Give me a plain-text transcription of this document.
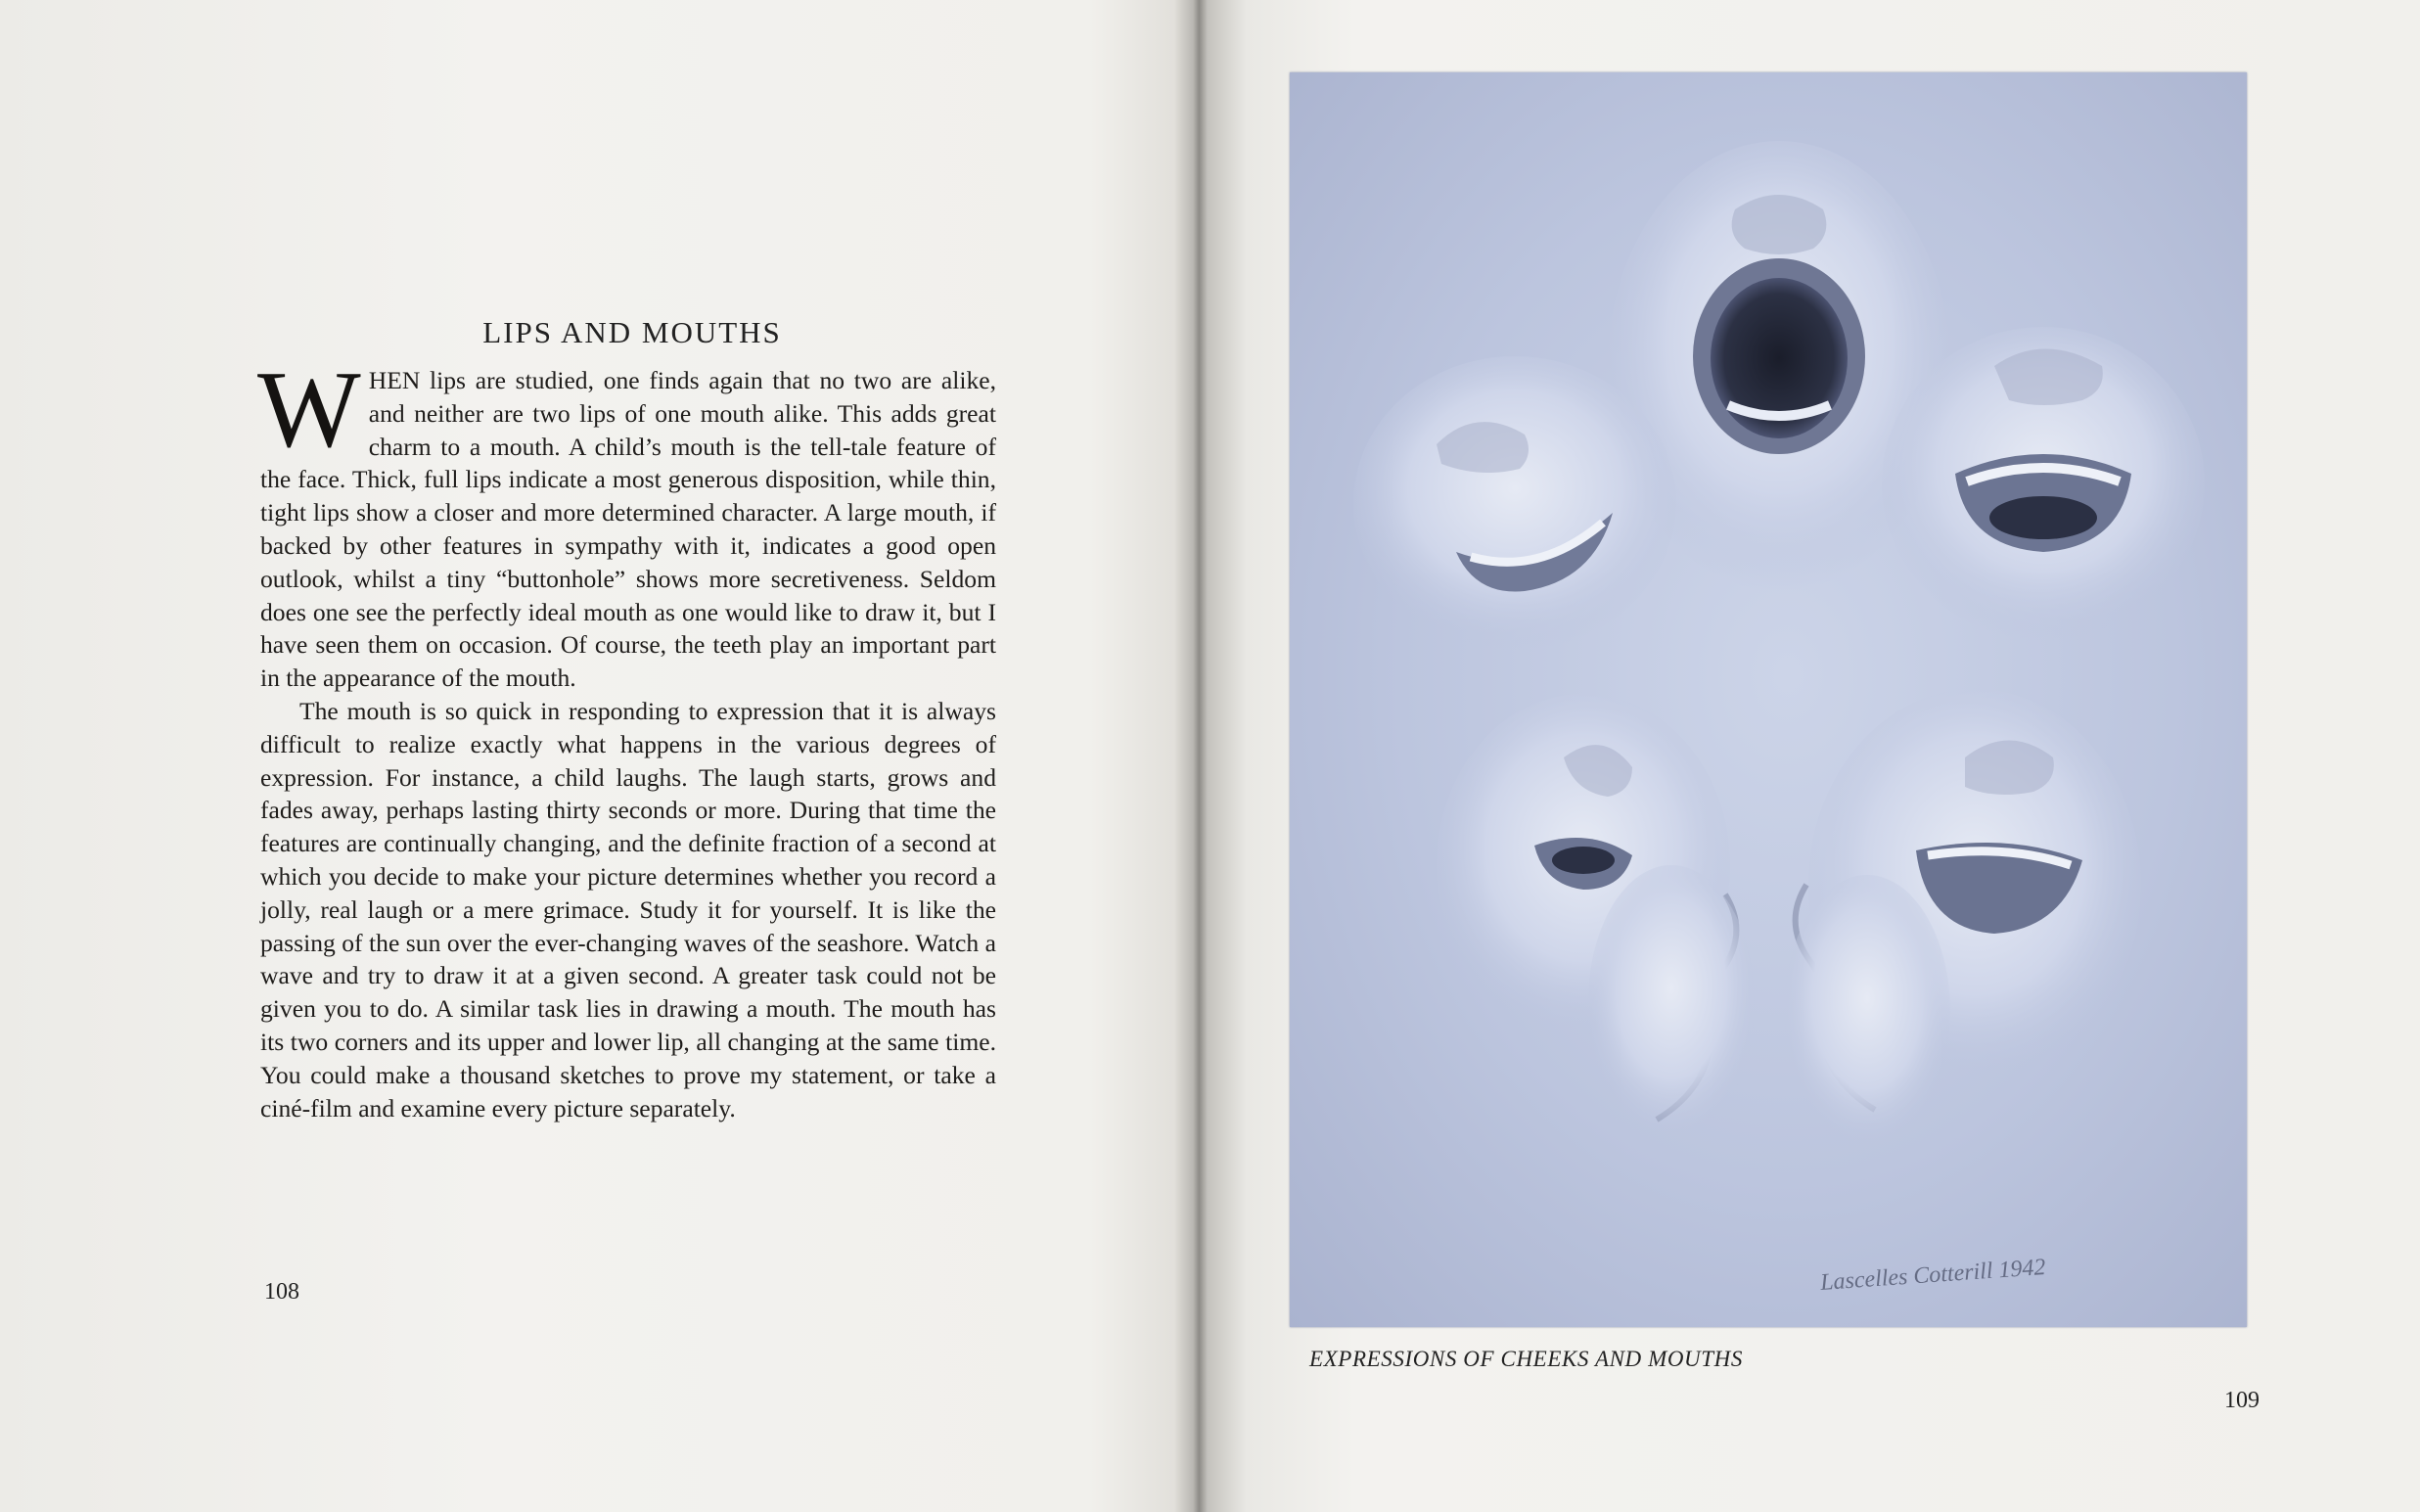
LIPS AND MOUTHS

WHEN lips are studied, one finds again that no two are alike, and neither are two lips of one mouth alike. This adds great charm to a mouth. A child’s mouth is the tell-tale feature of the face. Thick, full lips indicate a most generous disposition, while thin, tight lips show a closer and more determined character. A large mouth, if backed by other features in sympathy with it, indicates a good open outlook, whilst a tiny “buttonhole” shows more secretiveness. Seldom does one see the perfectly ideal mouth as one would like to draw it, but I have seen them on occasion. Of course, the teeth play an important part in the appearance of the mouth.

The mouth is so quick in responding to expression that it is always difficult to realize exactly what happens in the various degrees of expression. For instance, a child laughs. The laugh starts, grows and fades away, perhaps lasting thirty seconds or more. During that time the features are continually changing, and the definite fraction of a second at which you decide to make your picture determines whether you record a jolly, real laugh or a mere grimace. Study it for yourself. It is like the passing of the sun over the ever-changing waves of the seashore. Watch a wave and try to draw it at a given second. A greater task could not be given you to do. A similar task lies in drawing a mouth. The mouth has its two corners and its upper and lower lip, all changing at the same time. You could make a thousand sketches to prove my statement, or take a ciné-film and examine every picture separately.

108	Lascelles Cotterill 1942
EXPRESSIONS OF CHEEKS AND MOUTHS
109
